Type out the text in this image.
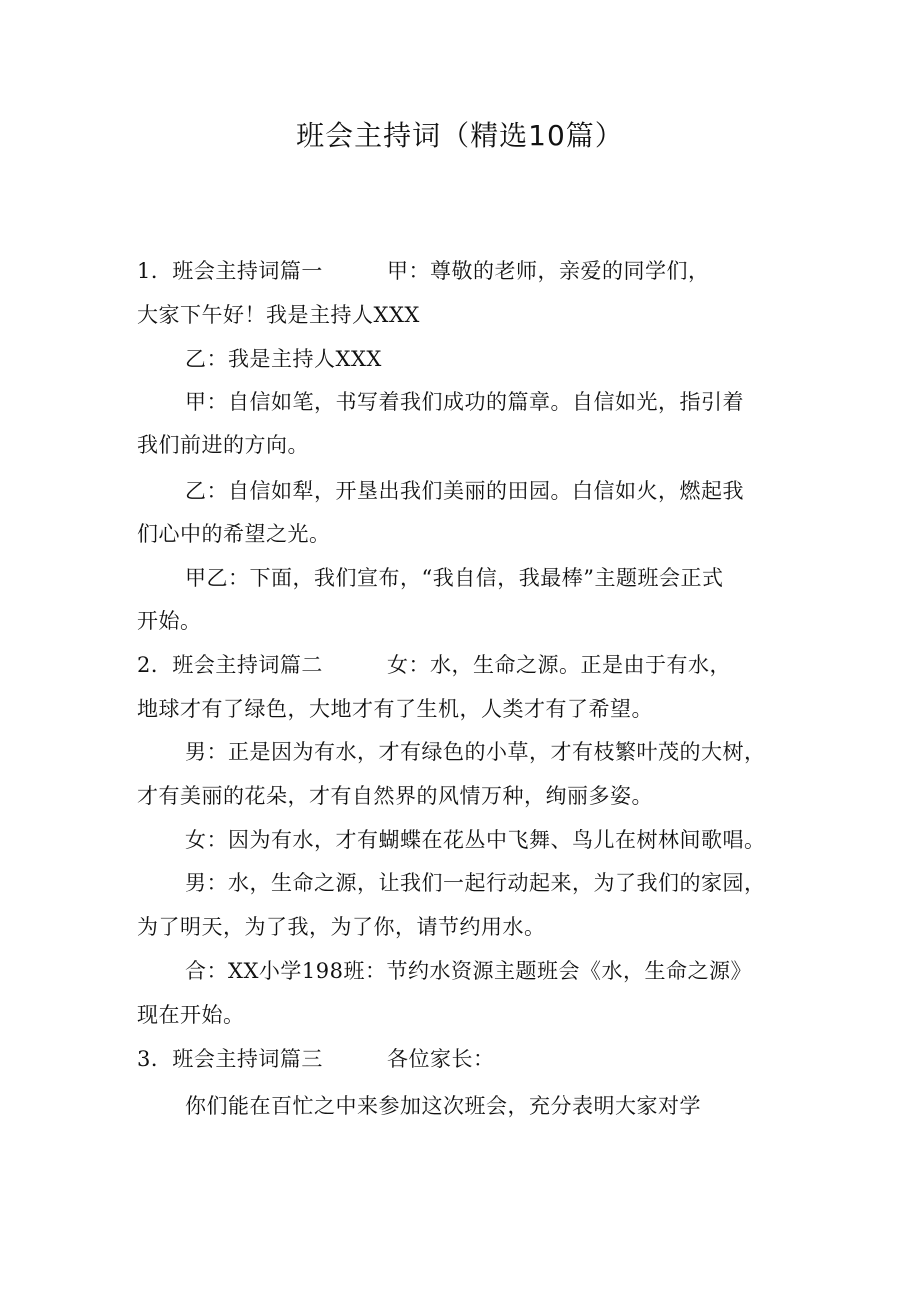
班会主持词（精选10篇）
1．班会主持词篇一	甲：尊敬的老师，亲爱的同学们，
大家下午好！我是主持人XXX
乙：我是主持人XXX
甲：自信如笔，书写着我们成功的篇章。自信如光，指引着
我们前进的方向。
乙：自信如犁，开垦出我们美丽的田园。白信如火，燃起我
们心中的希望之光。
甲乙：下面，我们宣布，“我自信，我最棒”主题班会正式
开始。
2．班会主持词篇二	女：水，生命之源。正是由于有水，
地球才有了绿色，大地才有了生机，人类才有了希望。
男：正是因为有水，才有绿色的小草，才有枝繁叶茂的大树，
才有美丽的花朵，才有自然界的风情万种，绚丽多姿。
女：因为有水，才有蝴蝶在花丛中飞舞、鸟儿在树林间歌唱。
男：水，生命之源，让我们一起行动起来，为了我们的家园，
为了明天，为了我，为了你，请节约用水。
合：XX小学198班：节约水资源主题班会《水，生命之源》
现在开始。
3．班会主持词篇三	各位家长：
你们能在百忙之中来参加这次班会，充分表明大家对学
